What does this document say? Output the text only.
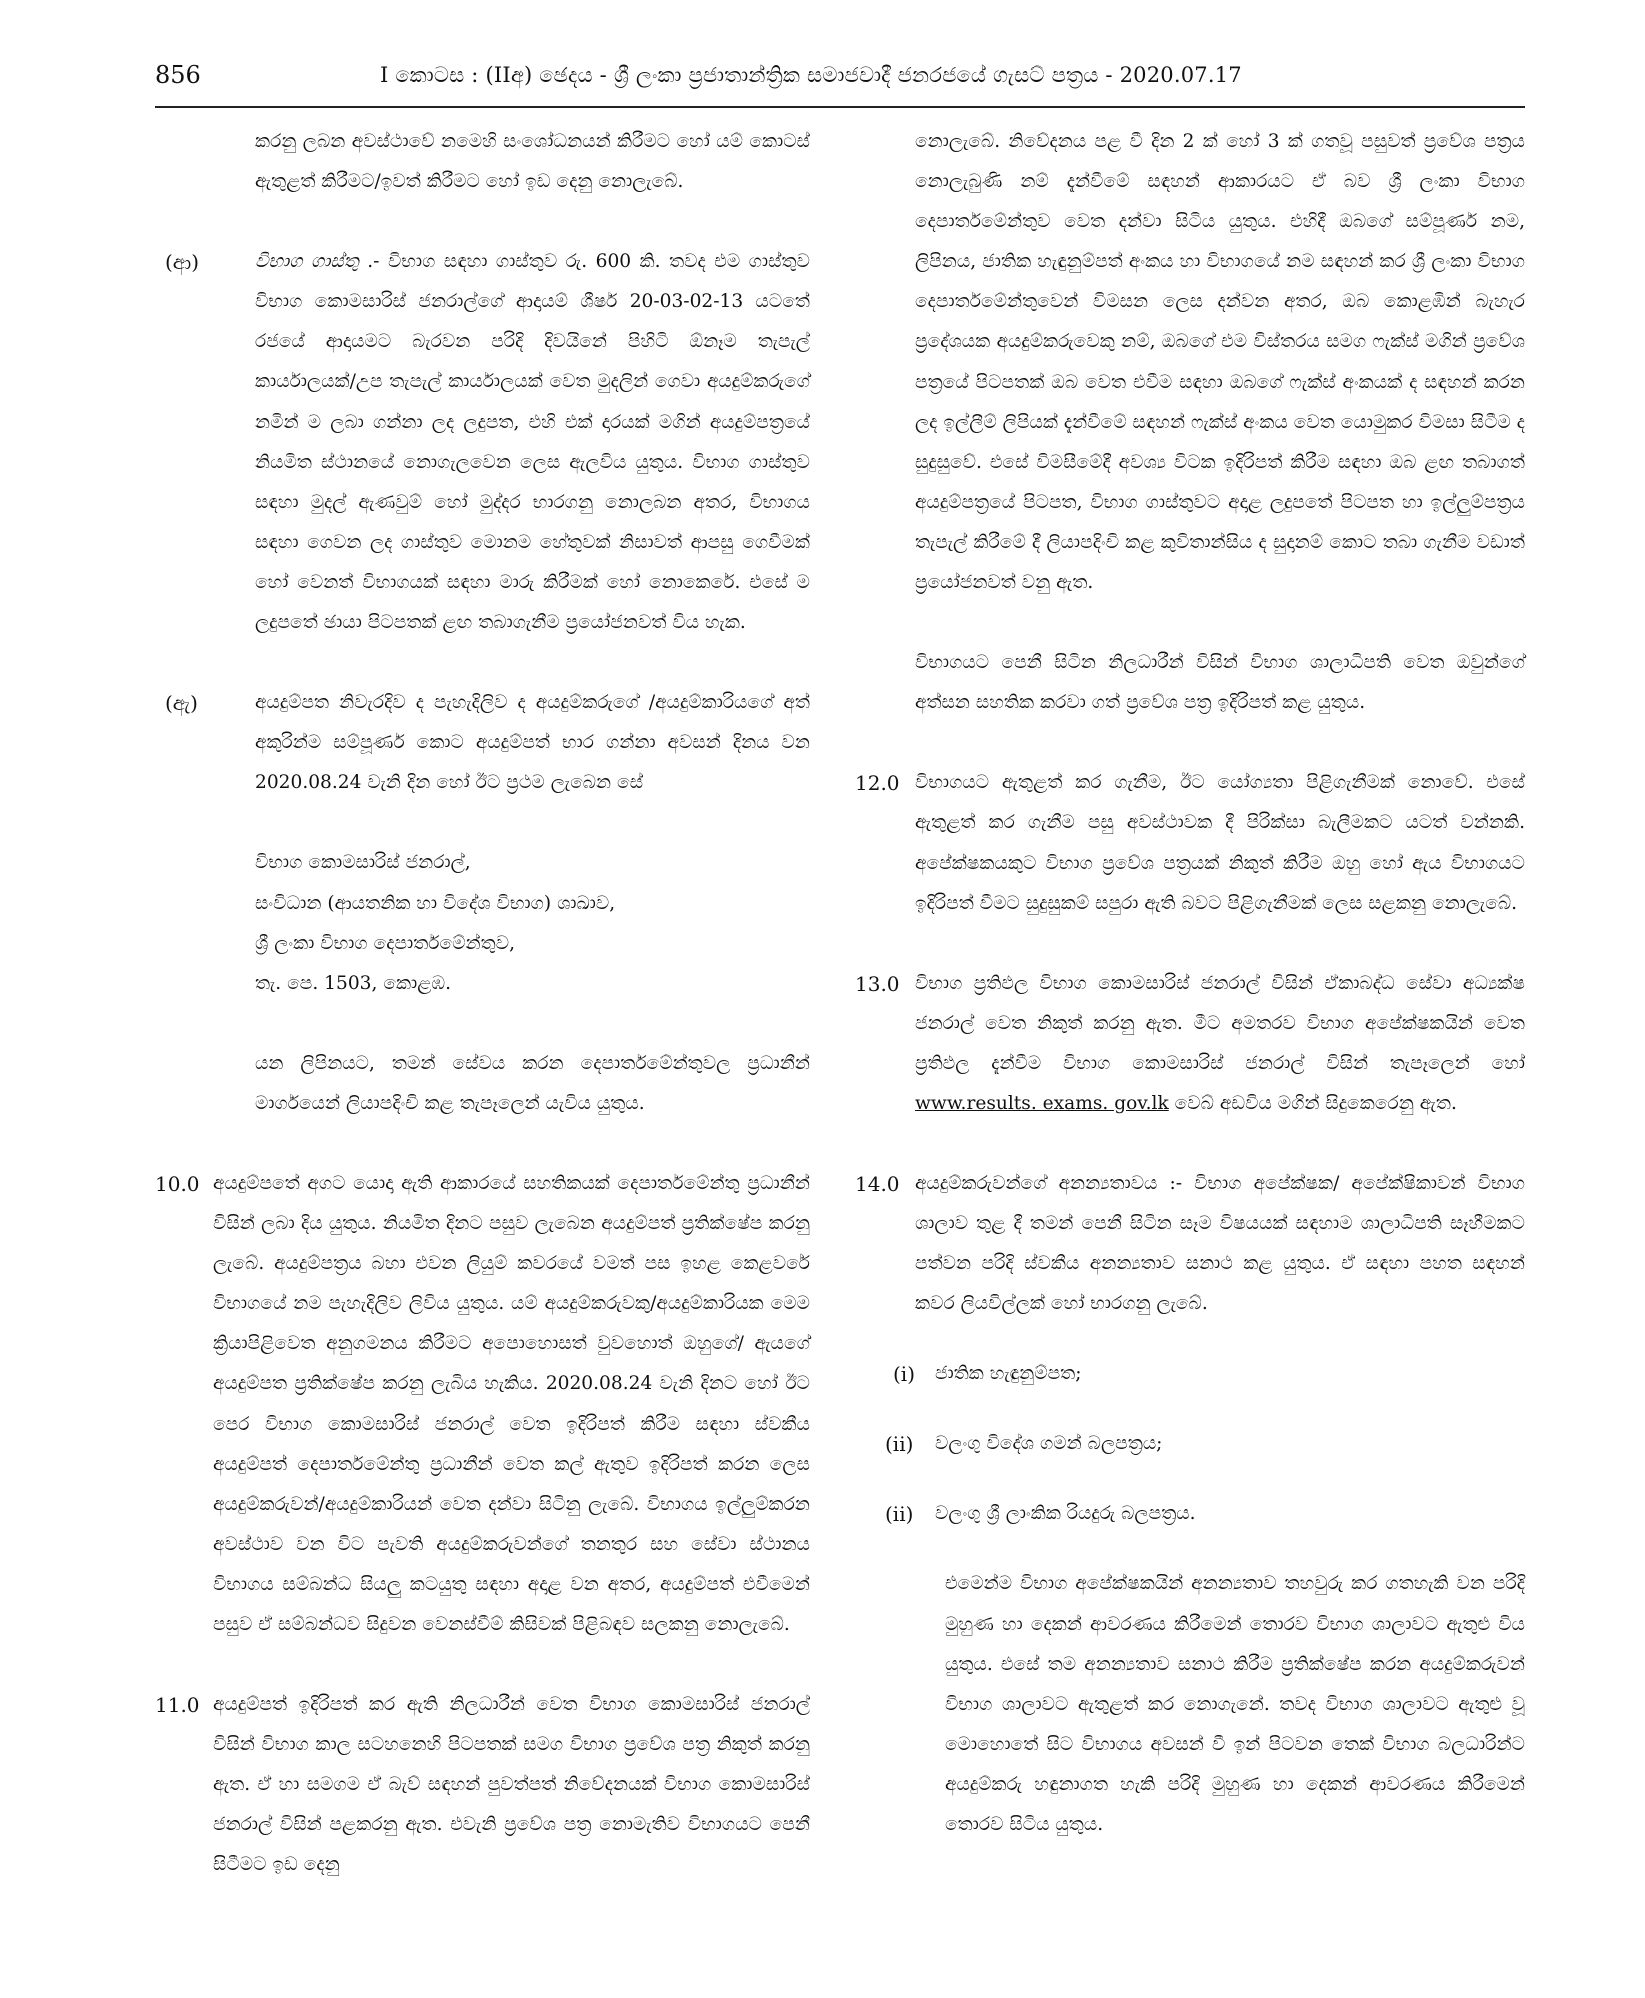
856	I කොටස : (IIඅ) ඡෙදය - ශ්‍රී ලංකා ප්‍රජාතාන්ත්‍රික සමාජවාදී ජනරජයේ ගැසට් පත්‍රය - 2020.07.17

කරනු ලබන අවස්ථාවේ නමෙහි සංශෝධනයන් කිරීමට හෝ යම් කොටස් ඇතුළත් කිරීමට/ඉවත් කිරීමට හෝ ඉඩ දෙනු නොලැබේ.

(ආ)	විභාග ගාස්තු .- විභාග සඳහා ගාස්තුව රු. 600 කි. තවද එම ගාස්තුව විභාග කොමසාරිස් ජනරාල්ගේ ආදායම් ශීර්ෂ 20-03-02-13 යටතේ රජයේ ආදායමට බැරවන පරිදි දිවයිනේ පිහිටි ඕනෑම තැපැල් කාර්යාලයක්/උප තැපැල් කාර්යාලයක් වෙත මුදලින් ගෙවා අයදුම්කරුගේ නමින් ම ලබා ගන්නා ලද ලදුපත, එහි එක් දාරයක් මගින් අයදුම්පත්‍රයේ නියමිත ස්ථානයේ නොගැලවෙන ලෙස ඇලවිය යුතුය. විභාග ගාස්තුව සඳහා මුදල් ඇණවුම් හෝ මුද්දර භාරගනු නොලබන අතර, විභාගය සඳහා ගෙවන ලද ගාස්තුව මොනම හේතුවක් නිසාවත් ආපසු ගෙවීමක් හෝ වෙනත් විභාගයක් සඳහා මාරු කිරීමක් හෝ නොකෙරේ. එසේ ම ලදුපතේ ඡායා පිටපතක් ළඟ තබාගැනීම ප්‍රයෝජනවත් විය හැක.

(ඇ)	අයදුම්පත නිවැරදිව ද පැහැදිලිව ද අයදුම්කරුගේ /අයදුම්කාරියගේ අත් අකුරින්ම සම්පූර්ණ කොට අයදුම්පත් භාර ගන්නා අවසන් දිනය වන 2020.08.24 වැනි දින හෝ ඊට ප්‍රථම ලැබෙන සේ

විභාග කොමසාරිස් ජනරාල්,

සංවිධාන (ආයතනික හා විදේශ විභාග) ශාඛාව,

ශ්‍රී ලංකා විභාග දෙපාර්තමේන්තුව,

තැ. පෙ. 1503, කොළඹ.

යන ලිපිනයට, තමන් සේවය කරන දෙපාර්තමේන්තුවල ප්‍රධානීන් මාර්ගයෙන් ලියාපදිංචි කළ තැපෑලෙන් යැවිය යුතුය.

10.0 අයදුම්පතේ අගට යොදා ඇති ආකාරයේ සහතිකයක් දෙපාර්තමේන්තු ප්‍රධානීන් විසින් ලබා දිය යුතුය. නියමිත දිනට පසුව ලැබෙන අයදුම්පත් ප්‍රතික්ෂේප කරනු ලැබේ. අයදුම්පත්‍රය බහා එවන ලියුම් කවරයේ වමත් පස ඉහළ කෙළවරේ විභාගයේ නම පැහැදිලිව ලිවිය යුතුය. යම් අයදුම්කරුවකු/අයදුම්කාරියක මෙම ක්‍රියාපිළිවෙත අනුගමනය කිරීමට අපොහොසත් වුවහොත් ඔහුගේ/ ඇයගේ අයදුම්පත ප්‍රතික්ෂේප කරනු ලැබිය හැකිය. 2020.08.24 වැනි දිනට හෝ ඊට පෙර විභාග කොමසාරිස් ජනරාල් වෙත ඉදිරිපත් කිරීම සඳහා ස්වකීය අයදුම්පත් දෙපාර්තමේන්තු ප්‍රධානීන් වෙත කල් ඇතුව ඉදිරිපත් කරන ලෙස අයදුම්කරුවන්/අයදුම්කාරියන් වෙත දන්වා සිටිනු ලැබේ. විභාගය ඉල්ලුම්කරන අවස්ථාව වන විට පැවති අයදුම්කරුවන්ගේ තනතුර සහ සේවා ස්ථානය විභාගය සම්බන්ධ සියලු කටයුතු සඳහා අදාළ වන අතර, අයදුම්පත් එවීමෙන් පසුව ඒ සම්බන්ධව සිදුවන වෙනස්වීම් කිසිවක් පිළිබඳව සලකනු නොලැබේ.

11.0 අයදුම්පත් ඉදිරිපත් කර ඇති නිලධාරීන් වෙත විභාග කොමසාරිස් ජනරාල් විසින් විභාග කාල සටහනෙහි පිටපතක් සමග විභාග ප්‍රවේශ පත්‍ර නිකුත් කරනු ඇත. ඒ හා සමගම ඒ බැව් සඳහන් පුවත්පත් නිවේදනයක් විභාග කොමසාරිස් ජනරාල් විසින් පළකරනු ඇත. එවැනි ප්‍රවේශ පත්‍ර නොමැතිව විභාගයට පෙනී සිටීමට ඉඩ දෙනු

නොලැබේ. නිවේදනය පළ වී දින 2 ක් හෝ 3 ක් ගතවූ පසුවත් ප්‍රවේශ පත්‍රය නොලැබුණි නම් දැන්වීමේ සඳහන් ආකාරයට ඒ බව ශ්‍රී ලංකා විභාග දෙපාර්තමේන්තුව වෙත දන්වා සිටිය යුතුය. එහිදී ඔබගේ සම්පූර්ණ නම, ලිපිනය, ජාතික හැඳුනුම්පත් අංකය හා විභාගයේ නම සඳහන් කර ශ්‍රී ලංකා විභාග දෙපාර්තමේන්තුවෙන් විමසන ලෙස දන්වන අතර, ඔබ කොළඹින් බැහැර ප්‍රදේශයක අයදුම්කරුවෙකු නම්, ඔබගේ එම විස්තරය සමග ෆැක්ස් මගින් ප්‍රවේශ පත්‍රයේ පිටපතක් ඔබ වෙත එවීම සඳහා ඔබගේ ෆැක්ස් අංකයක් ද සඳහන් කරන ලද ඉල්ලීම් ලිපියක් දැන්වීමේ සඳහන් ෆැක්ස් අංකය වෙත යොමුකර විමසා සිටීම ද සුදුසුවේ. එසේ විමසීමේදී අවශ්‍ය විටක ඉදිරිපත් කිරීම සඳහා ඔබ ළඟ තබාගත් අයදුම්පත්‍රයේ පිටපත, විභාග ගාස්තුවට අදාළ ලදුපතේ පිටපත හා ඉල්ලුම්පත්‍රය තැපැල් කිරීමේ දී ලියාපදිංචි කළ කුවිතාන්සිය ද සුදානම් කොට තබා ගැනීම වඩාත් ප්‍රයෝජනවත් වනු ඇත.

විභාගයට පෙනී සිටින නිලධාරීන් විසින් විභාග ශාලාධිපති වෙත ඔවුන්ගේ අත්සන සහතික කරවා ගත් ප්‍රවේශ පත්‍ර ඉදිරිපත් කළ යුතුය.

12.0 විභාගයට ඇතුළත් කර ගැනීම, ඊට යෝග්‍යතා පිළිගැනීමක් නොවේ. එසේ ඇතුළත් කර ගැනීම පසු අවස්ථාවක දී පිරික්සා බැලීමකට යටත් වන්නකි. අපේක්ෂකයකුට විභාග ප්‍රවේශ පත්‍රයක් නිකුත් කිරීම ඔහු හෝ ඇය විභාගයට ඉදිරිපත් වීමට සුදුසුකම් සපුරා ඇති බවට පිළිගැනීමක් ලෙස සළකනු නොලැබේ.

13.0 විභාග ප්‍රතිඵල විභාග කොමසාරිස් ජනරාල් විසින් ඒකාබද්ධ සේවා අධ්‍යක්ෂ ජනරාල් වෙත නිකුත් කරනු ඇත. මීට අමතරව විභාග අපේක්ෂකයින් වෙත ප්‍රතිඵල දැන්වීම විභාග කොමසාරිස් ජනරාල් විසින් තැපෑලෙන් හෝ www.results. exams. gov.lk වෙබ් අඩවිය මගින් සිදුකෙරෙනු ඇත.

14.0 අයදුම්කරුවන්ගේ අනන්‍යතාවය :- විභාග අපේක්ෂක/ අපේක්ෂිකාවන් විභාග ශාලාව තුළ දී තමන් පෙනී සිටින සෑම විෂයයක් සඳහාම ශාලාධිපති සෑහීමකට පත්වන පරිදි ස්වකීය අනන්‍යතාව සනාථ කළ යුතුය. ඒ සඳහා පහත සඳහන් කවර ලියවිල්ලක් හෝ භාරගනු ලැබේ.

(i) ජාතික හැඳුනුම්පත;
(ii) වලංගු විදේශ ගමන් බලපත්‍රය;
(ii) වලංගු ශ්‍රී ලාංකික රියදුරු බලපත්‍රය.

එමෙන්ම විභාග අපේක්ෂකයින් අනන්‍යතාව තහවුරු කර ගතහැකි වන පරිදි මුහුණ හා දෙකන් ආවරණය කිරීමෙන් තොරව විභාග ශාලාවට ඇතුළු විය යුතුය. එසේ තම අනන්‍යතාව සනාථ කිරීම ප්‍රතික්ෂේප කරන අයදුම්කරුවන් විභාග ශාලාවට ඇතුළත් කර නොගැනේ. තවද විභාග ශාලාවට ඇතුළු වූ මොහොතේ සිට විභාගය අවසන් වී ඉන් පිටවන තෙක් විභාග බලධාරින්ට අයදුම්කරු හඳුනාගත හැකි පරිදි මුහුණ හා දෙකන් ආවරණය කිරීමෙන් තොරව සිටිය යුතුය.
